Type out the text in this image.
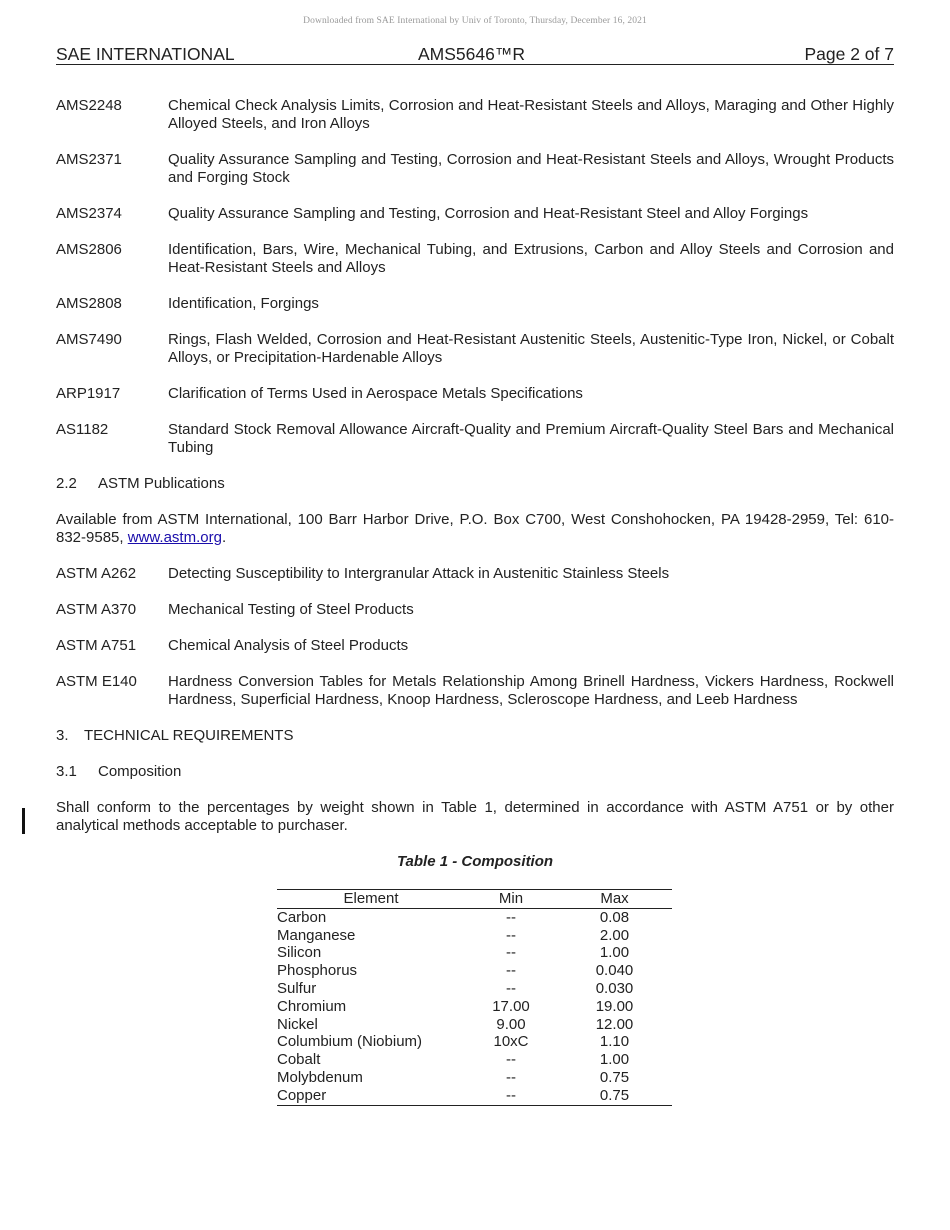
Downloaded from SAE International by Univ of Toronto, Thursday, December 16, 2021
SAE INTERNATIONAL	AMS5646™R	Page 2 of 7
AMS2248	Chemical Check Analysis Limits, Corrosion and Heat-Resistant Steels and Alloys, Maraging and Other Highly Alloyed Steels, and Iron Alloys
AMS2371	Quality Assurance Sampling and Testing, Corrosion and Heat-Resistant Steels and Alloys, Wrought Products and Forging Stock
AMS2374	Quality Assurance Sampling and Testing, Corrosion and Heat-Resistant Steel and Alloy Forgings
AMS2806	Identification, Bars, Wire, Mechanical Tubing, and Extrusions, Carbon and Alloy Steels and Corrosion and Heat-Resistant Steels and Alloys
AMS2808	Identification, Forgings
AMS7490	Rings, Flash Welded, Corrosion and Heat-Resistant Austenitic Steels, Austenitic-Type Iron, Nickel, or Cobalt Alloys, or Precipitation-Hardenable Alloys
ARP1917	Clarification of Terms Used in Aerospace Metals Specifications
AS1182	Standard Stock Removal Allowance Aircraft-Quality and Premium Aircraft-Quality Steel Bars and Mechanical Tubing
2.2 ASTM Publications
Available from ASTM International, 100 Barr Harbor Drive, P.O. Box C700, West Conshohocken, PA 19428-2959, Tel: 610-832-9585, www.astm.org.
ASTM A262	Detecting Susceptibility to Intergranular Attack in Austenitic Stainless Steels
ASTM A370	Mechanical Testing of Steel Products
ASTM A751	Chemical Analysis of Steel Products
ASTM E140	Hardness Conversion Tables for Metals Relationship Among Brinell Hardness, Vickers Hardness, Rockwell Hardness, Superficial Hardness, Knoop Hardness, Scleroscope Hardness, and Leeb Hardness
3. TECHNICAL REQUIREMENTS
3.1 Composition
Shall conform to the percentages by weight shown in Table 1, determined in accordance with ASTM A751 or by other analytical methods acceptable to purchaser.
Table 1 - Composition
Element	Min	Max
Carbon	--	0.08
Manganese	--	2.00
Silicon	--	1.00
Phosphorus	--	0.040
Sulfur	--	0.030
Chromium	17.00	19.00
Nickel	9.00	12.00
Columbium (Niobium)	10xC	1.10
Cobalt	--	1.00
Molybdenum	--	0.75
Copper	--	0.75
